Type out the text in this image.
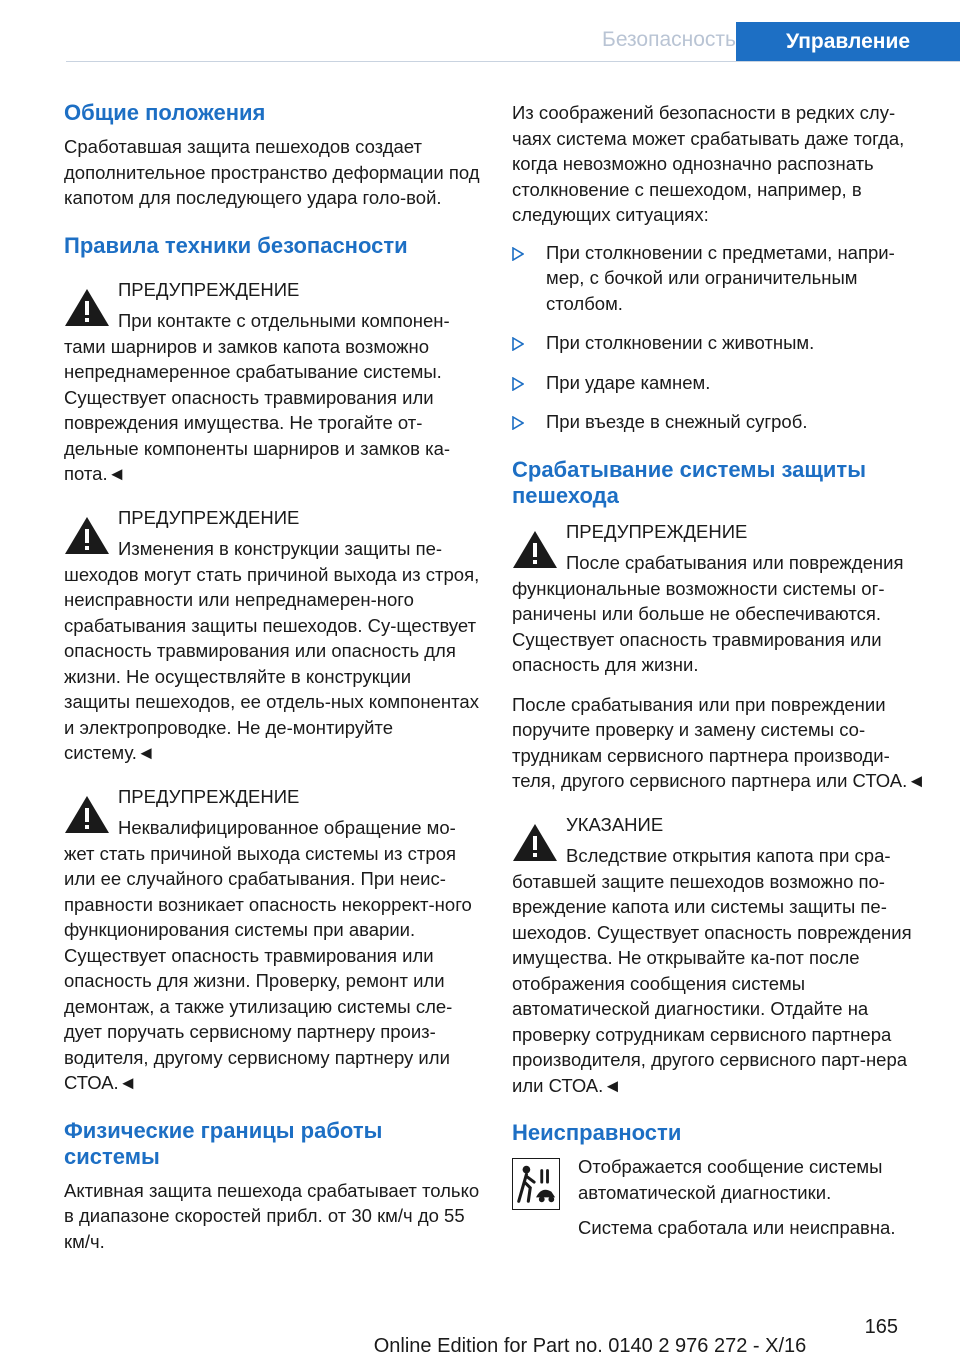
Безопасность	Управление
Общие положения

Сработавшая защита пешеходов создает дополнительное пространство деформации под капотом для последующего удара голо-вой.

Правила техники безопасности
ПРЕДУПРЕЖДЕНИЕ
При контакте с отдельными компонен-тами шарниров и замков капота возможно непреднамеренное срабатывание системы. Существует опасность травмирования или повреждения имущества. Не трогайте от-дельные компоненты шарниров и замков ка-пота.◄
ПРЕДУПРЕЖДЕНИЕ
Изменения в конструкции защиты пе-шеходов могут стать причиной выхода из строя, неисправности или непреднамерен-ного срабатывания защиты пешеходов. Су-ществует опасность травмирования или опасность для жизни. Не осуществляйте в конструкции защиты пешеходов, ее отдель-ных компонентах и электропроводке. Не де-монтируйте систему.◄
ПРЕДУПРЕЖДЕНИЕ
Неквалифицированное обращение мо-жет стать причиной выхода системы из строя или ее случайного срабатывания. При неис-правности возникает опасность некоррект-ного функционирования системы при аварии. Существует опасность травмирования или опасность для жизни. Проверку, ремонт или демонтаж, а также утилизацию системы сле-дует поручать сервисному партнеру произ-водителя, другому сервисному партнеру или СТОА.◄
Физические границы работы системы

Активная защита пешехода срабатывает только в диапазоне скоростей прибл. от 30 км/ч до 55 км/ч.

Из соображений безопасности в редких слу-чаях система может срабатывать даже тогда, когда невозможно однозначно распознать столкновение с пешеходом, например, в следующих ситуациях:

При столкновении с предметами, напри-мер, с бочкой или ограничительным столбом.
При столкновении с животным.
При ударе камнем.
При въезде в снежный сугроб.
Срабатывание системы защиты пешехода
ПРЕДУПРЕЖДЕНИЕ
После срабатывания или повреждения функциональные возможности системы ог-раничены или больше не обеспечиваются. Существует опасность травмирования или опасность для жизни.

После срабатывания или при повреждении поручите проверку и замену системы со-трудникам сервисного партнера производи-теля, другого сервисного партнера или СТОА.◄

УКАЗАНИЕ
Вследствие открытия капота при сра-ботавшей защите пешеходов возможно по-вреждение капота или системы защиты пе-шеходов. Существует опасность повреждения имущества. Не открывайте ка-пот после отображения сообщения системы автоматической диагностики. Отдайте на проверку сотрудникам сервисного партнера производителя, другого сервисного парт-нера или СТОА.◄
Неисправности

Отображается сообщение системы автоматической диагностики.

Система сработала или неисправна.

165
Online Edition for Part no. 0140 2 976 272 - X/16
